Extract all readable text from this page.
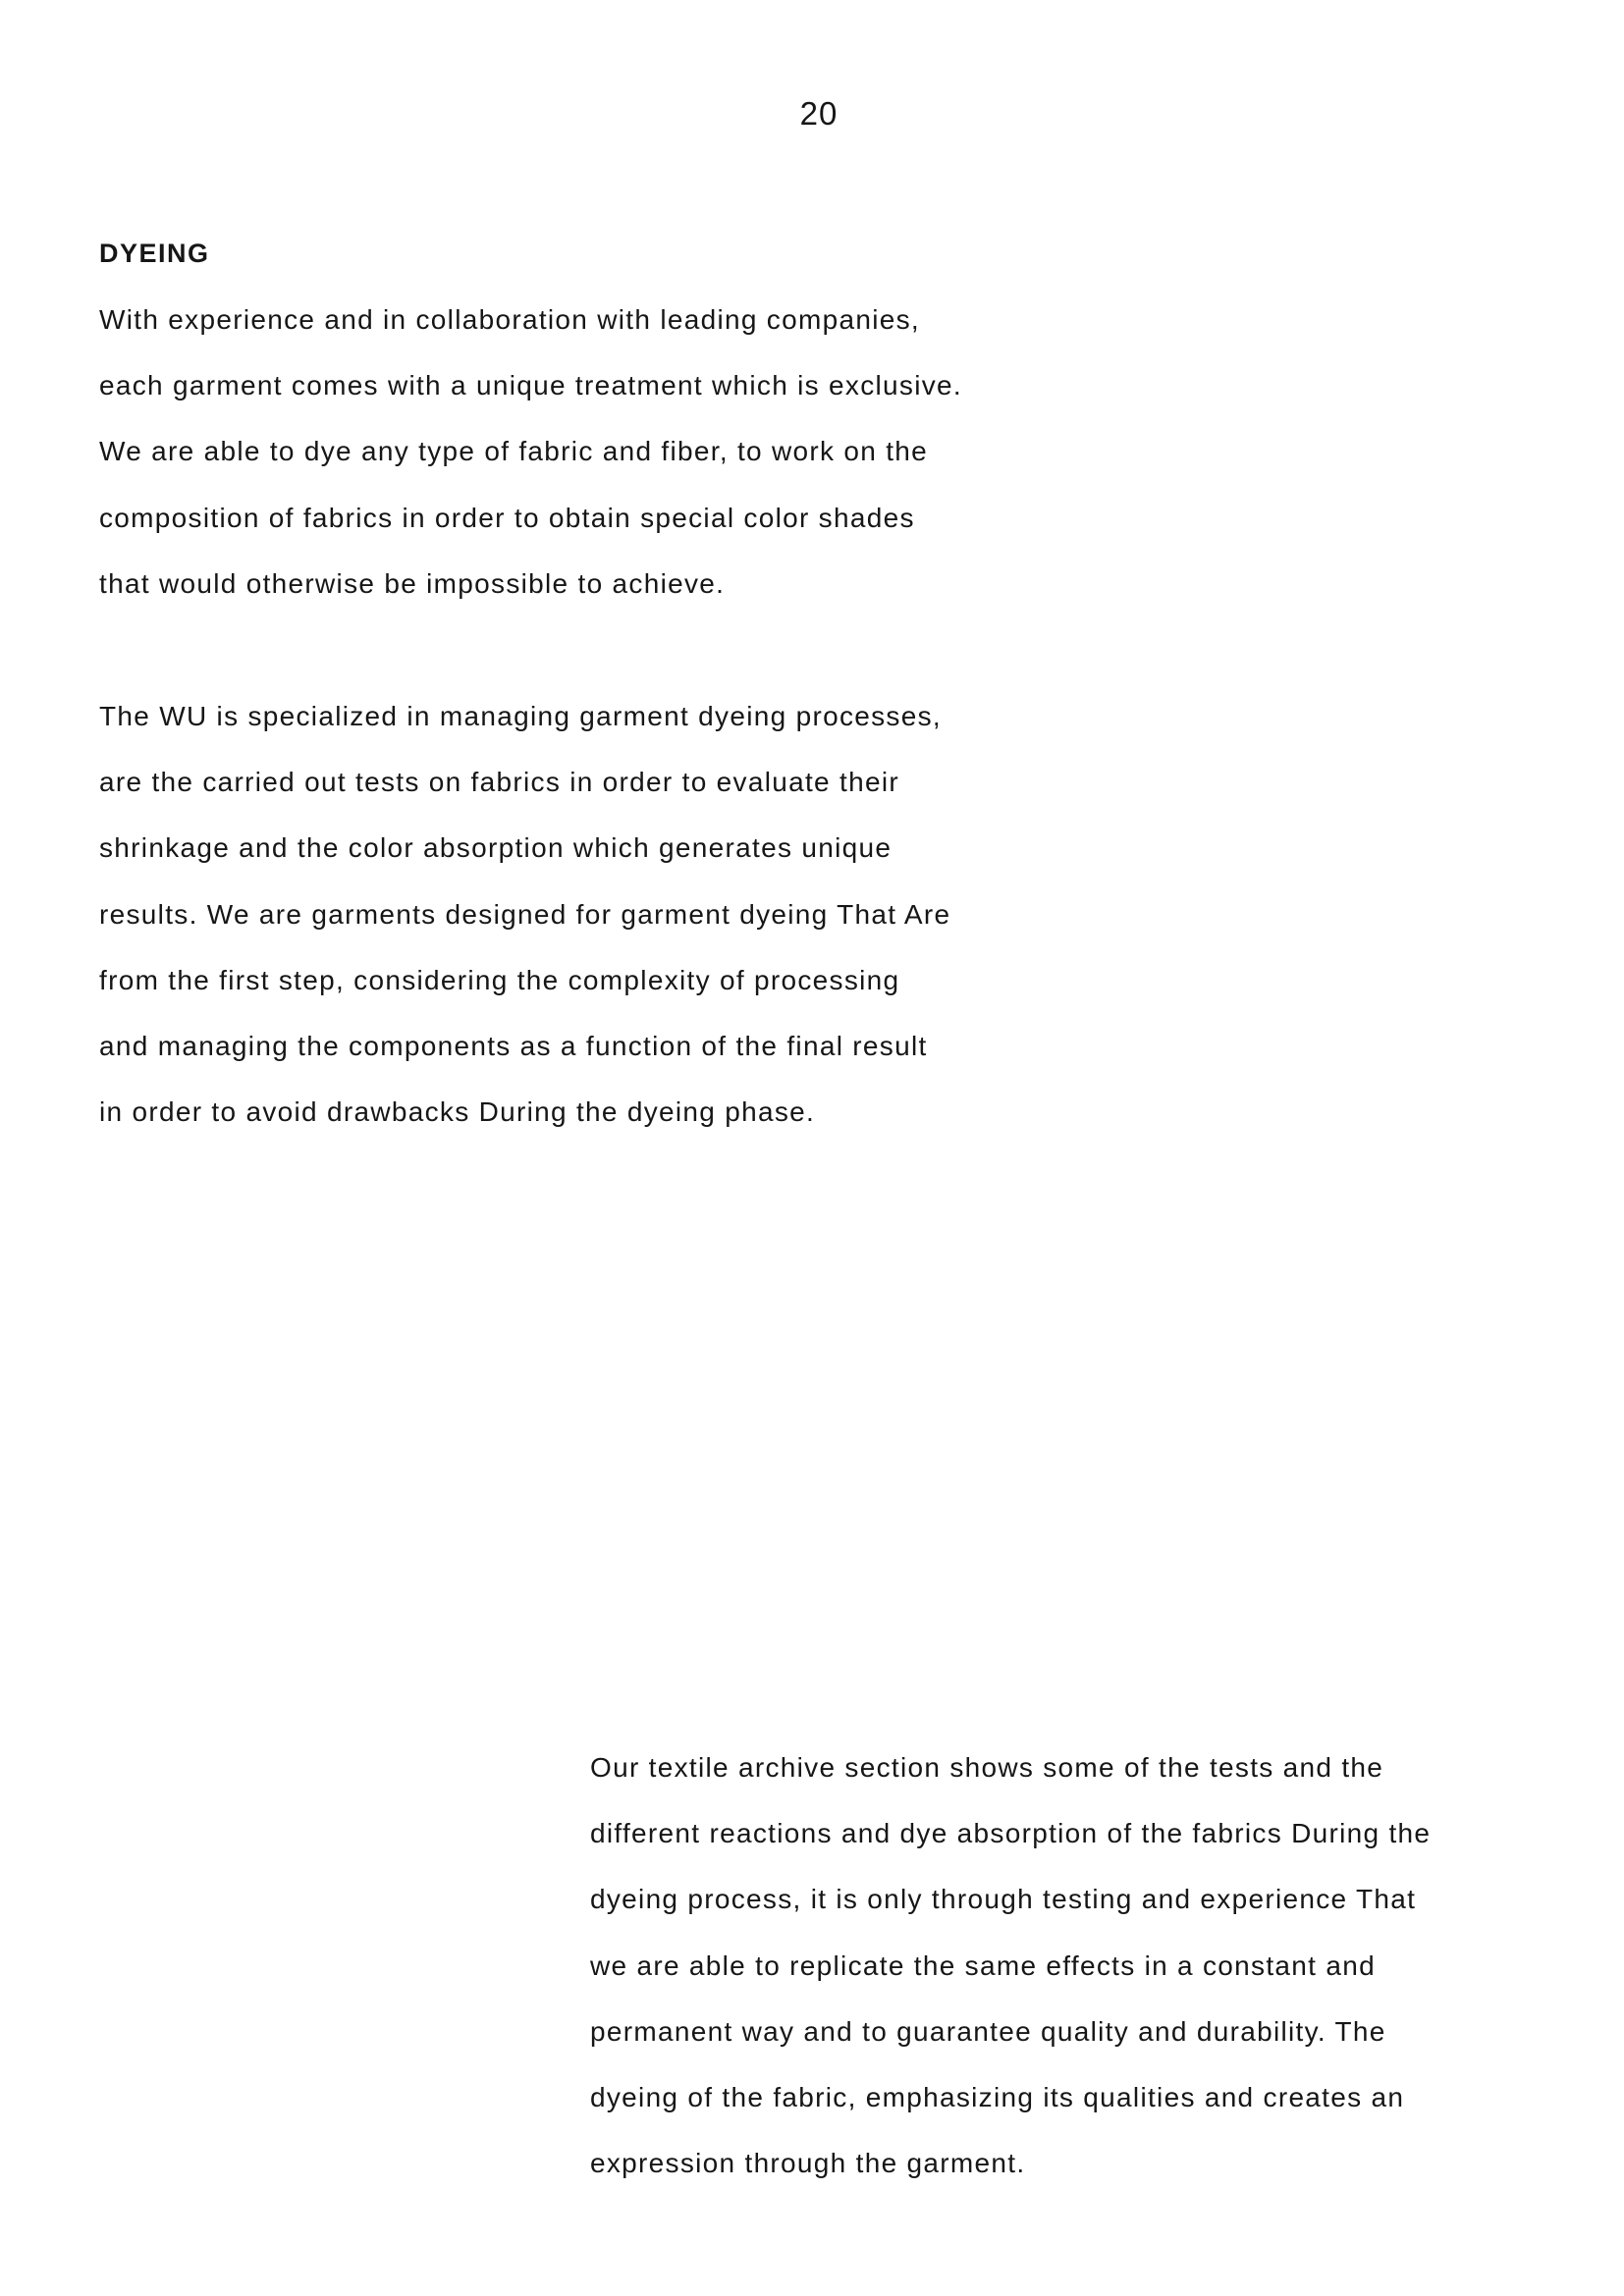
20
DYEING
With experience and in collaboration with leading companies,
each garment comes with a unique treatment which is exclusive.
We are able to dye any type of fabric and fiber, to work on the
composition of fabrics in order to obtain special color shades
that would otherwise be impossible to achieve.
The WU is specialized in managing garment dyeing processes,
are the carried out tests on fabrics in order to evaluate their
shrinkage and the color absorption which generates unique
results. We are garments designed for garment dyeing That Are
from the first step, considering the complexity of processing
and managing the components as a function of the final result
in order to avoid drawbacks During the dyeing phase.
Our textile archive section shows some of the tests and the
different reactions and dye absorption of the fabrics During the
dyeing process, it is only through testing and experience That
we are able to replicate the same effects in a constant and
permanent way and to guarantee quality and durability. The
dyeing of the fabric, emphasizing its qualities and creates an
expression through the garment.
